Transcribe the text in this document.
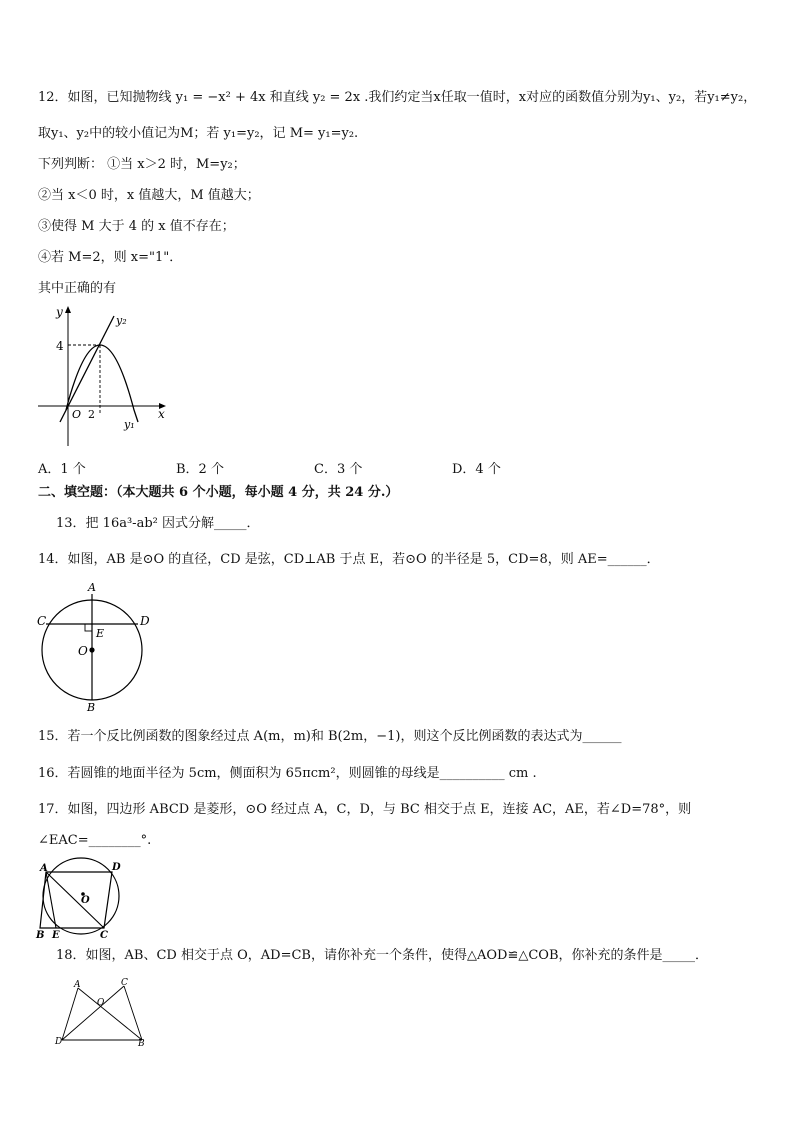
12．如图，已知抛物线 y₁ = −x² + 4x 和直线 y₂ = 2x .我们约定当x任取一值时，x对应的函数值分别为y₁、y₂，若y₁≠y₂，
取y₁、y₂中的较小值记为M；若 y₁=y₂，记 M= y₁=y₂.
下列判断： ①当 x＞2 时，M=y₂；
②当 x＜0 时，x 值越大，M 值越大；
③使得 M 大于 4 的 x 值不存在；
④若 M=2，则 x="1"．
其中正确的有
y
x
O 2
4
y₂
y₁
A．1 个	B．2 个	C．3 个	D．4 个
二、填空题：（本大题共 6 个小题，每小题 4 分，共 24 分.）
13．把 16a³-ab² 因式分解_____．
14．如图，AB 是⊙O 的直径，CD 是弦，CD⊥AB 于点 E，若⊙O 的半径是 5，CD=8，则 AE=______．
A
B
C	D
E
O
15．若一个反比例函数的图象经过点 A(m，m)和 B(2m，−1)，则这个反比例函数的表达式为______
16．若圆锥的地面半径为 5cm，侧面积为 65πcm²，则圆锥的母线是__________ cm .
17．如图，四边形 ABCD 是菱形，⊙O 经过点 A，C，D，与 BC 相交于点 E，连接 AC，AE，若∠D=78°，则
∠EAC=________°.
A	D
B E	C
O
18．如图，AB、CD 相交于点 O，AD=CB，请你补充一个条件，使得△AOD≌△COB，你补充的条件是_____．
A	C
O
D	B
